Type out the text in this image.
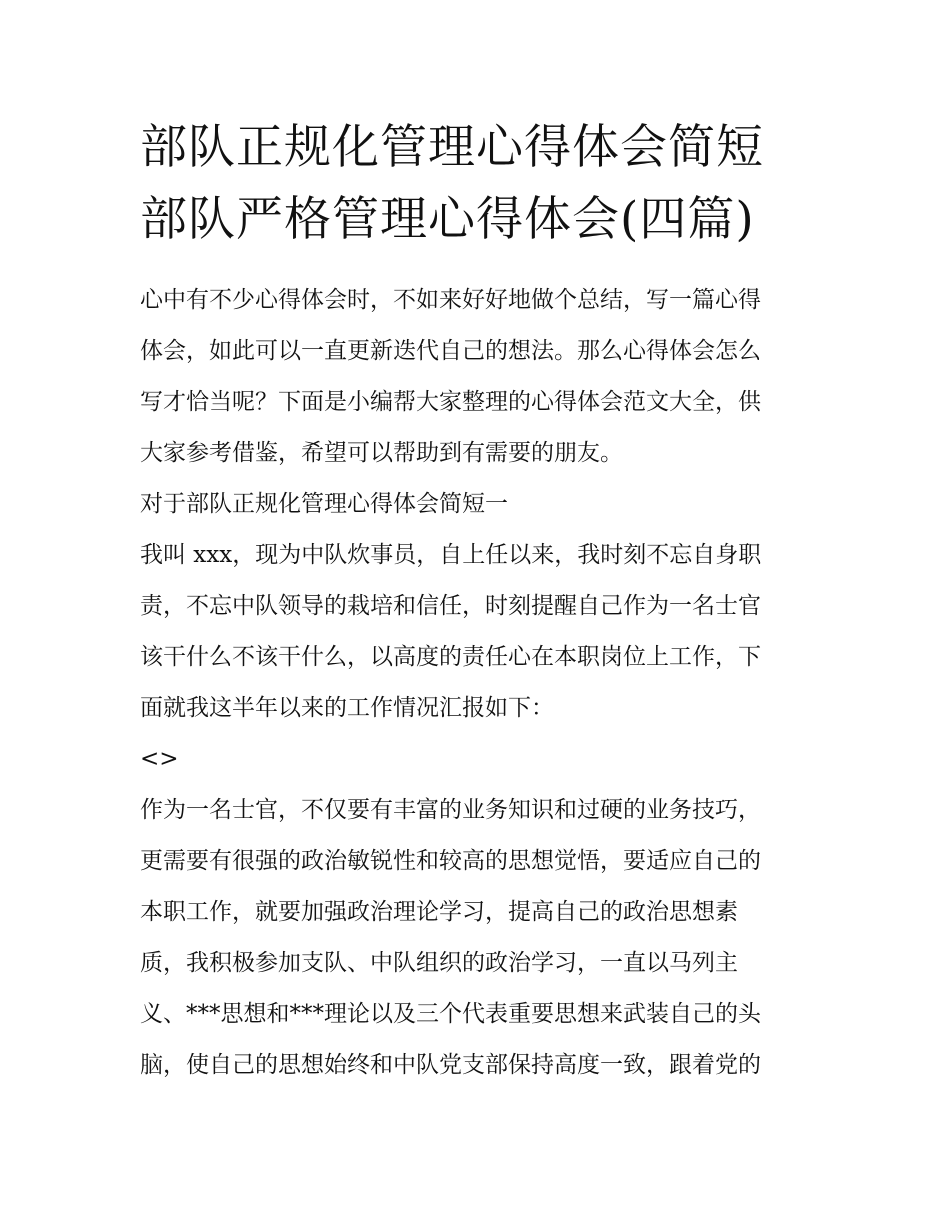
部队正规化管理心得体会简短
部队严格管理心得体会(四篇)

心中有不少心得体会时，不如来好好地做个总结，写一篇心得
体会，如此可以一直更新迭代自己的想法。那么心得体会怎么
写才恰当呢？下面是小编帮大家整理的心得体会范文大全，供
大家参考借鉴，希望可以帮助到有需要的朋友。

对于部队正规化管理心得体会简短一

我叫 xxx，现为中队炊事员，自上任以来，我时刻不忘自身职
责，不忘中队领导的栽培和信任，时刻提醒自己作为一名士官
该干什么不该干什么，以高度的责任心在本职岗位上工作，下
面就我这半年以来的工作情况汇报如下：

<>

作为一名士官，不仅要有丰富的业务知识和过硬的业务技巧，
更需要有很强的政治敏锐性和较高的思想觉悟，要适应自己的
本职工作，就要加强政治理论学习，提高自己的政治思想素
质，我积极参加支队、中队组织的政治学习，一直以马列主
义、***思想和***理论以及三个代表重要思想来武装自己的头
脑，使自己的思想始终和中队党支部保持高度一致，跟着党的
